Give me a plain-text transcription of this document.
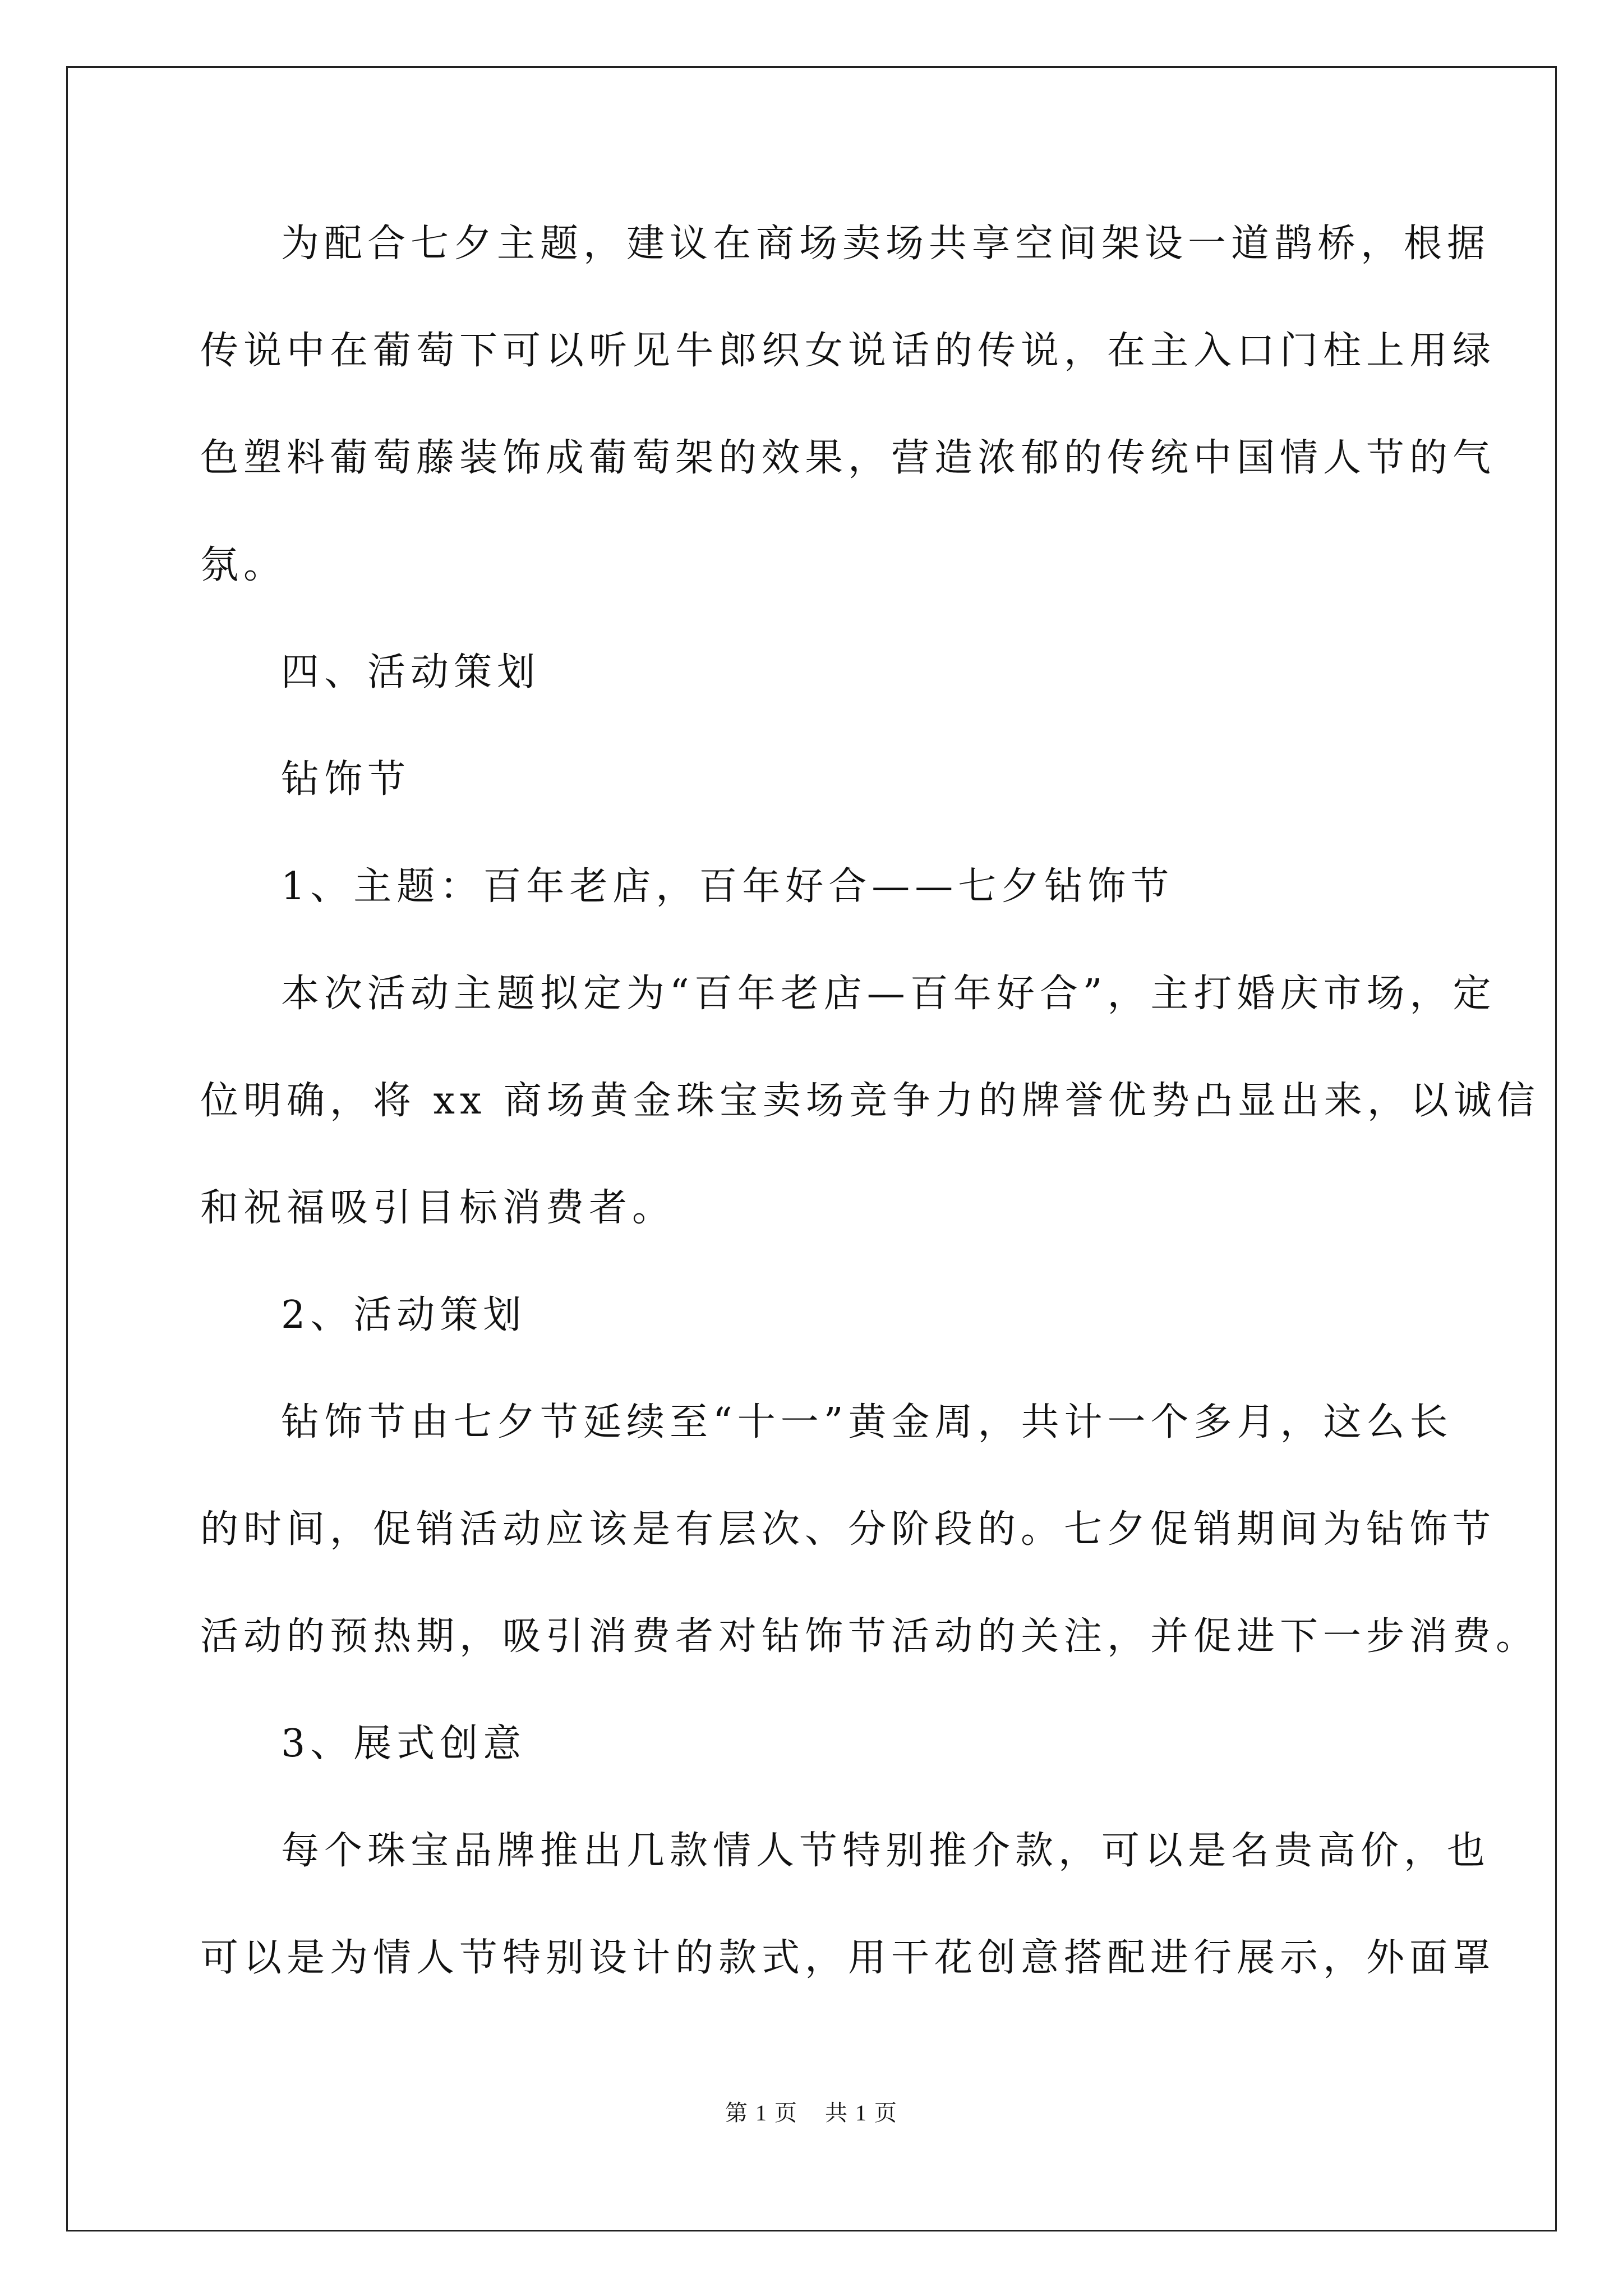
为配合七夕主题，建议在商场卖场共享空间架设一道鹊桥，根据
传说中在葡萄下可以听见牛郎织女说话的传说，在主入口门柱上用绿
色塑料葡萄藤装饰成葡萄架的效果，营造浓郁的传统中国情人节的气
氛。
四、活动策划
钻饰节
1、主题：百年老店，百年好合——七夕钻饰节
本次活动主题拟定为“百年老店—百年好合”，主打婚庆市场，定
位明确，将 xx 商场黄金珠宝卖场竞争力的牌誉优势凸显出来，以诚信
和祝福吸引目标消费者。
2、活动策划
钻饰节由七夕节延续至“十一”黄金周，共计一个多月，这么长
的时间，促销活动应该是有层次、分阶段的。七夕促销期间为钻饰节
活动的预热期，吸引消费者对钻饰节活动的关注，并促进下一步消费。
3、展式创意
每个珠宝品牌推出几款情人节特别推介款，可以是名贵高价，也
可以是为情人节特别设计的款式，用干花创意搭配进行展示，外面罩
第 1 页    共 1 页
